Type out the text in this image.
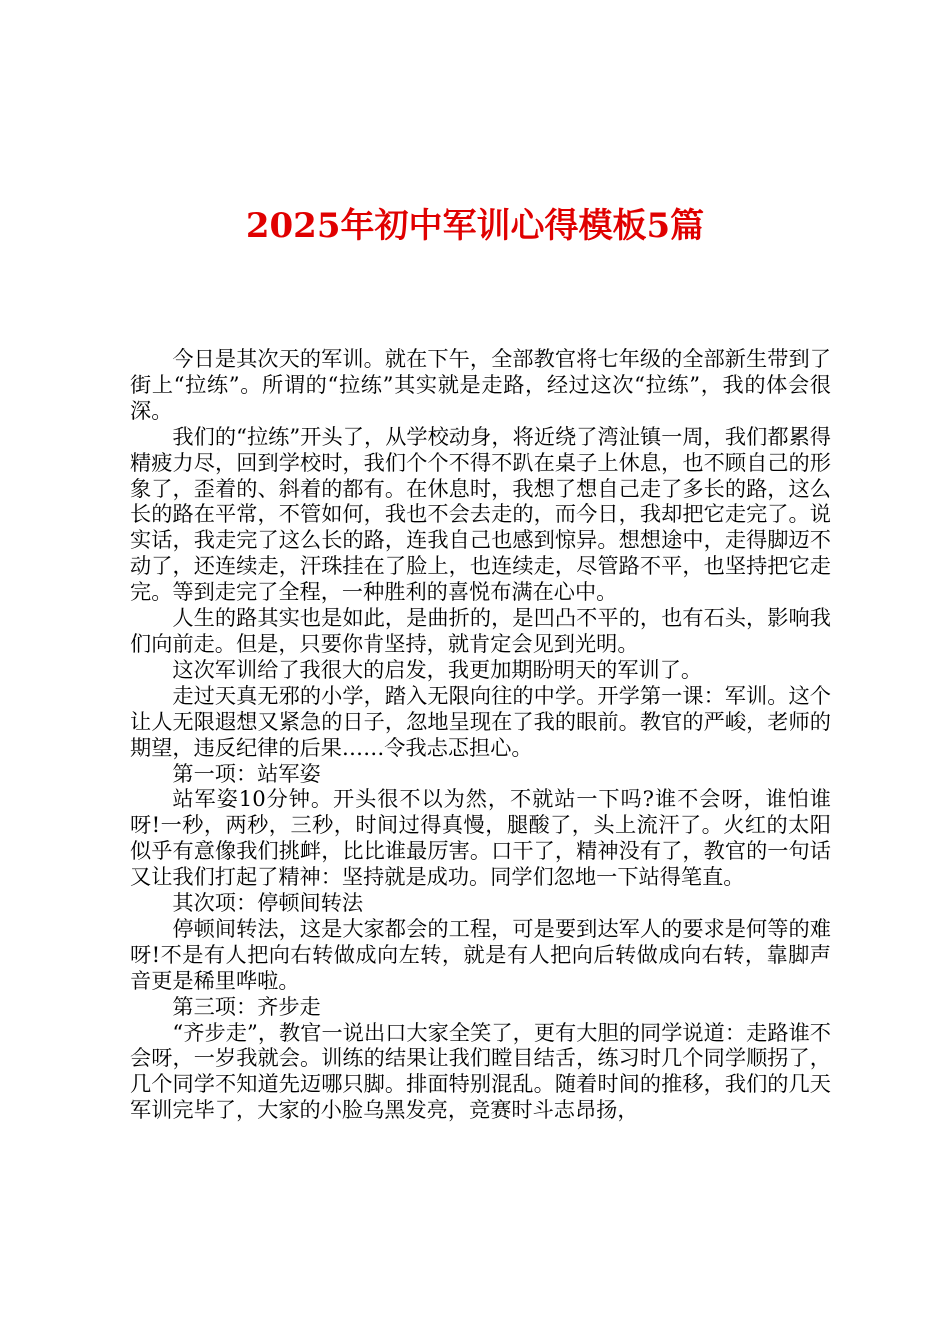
2025年初中军训心得模板5篇

今日是其次天的军训。就在下午，全部教官将七年级的全部新生带到了街上“拉练”。所谓的“拉练”其实就是走路，经过这次“拉练”，我的体会很深。

我们的“拉练”开头了，从学校动身，将近绕了湾沚镇一周，我们都累得精疲力尽，回到学校时，我们个个不得不趴在桌子上休息，也不顾自己的形象了，歪着的、斜着的都有。在休息时，我想了想自己走了多长的路，这么长的路在平常，不管如何，我也不会去走的，而今日，我却把它走完了。说实话，我走完了这么长的路，连我自己也感到惊异。想想途中，走得脚迈不动了，还连续走，汗珠挂在了脸上，也连续走，尽管路不平，也坚持把它走完。等到走完了全程，一种胜利的喜悦布满在心中。

人生的路其实也是如此，是曲折的，是凹凸不平的，也有石头，影响我们向前走。但是，只要你肯坚持，就肯定会见到光明。

这次军训给了我很大的启发，我更加期盼明天的军训了。

走过天真无邪的小学，踏入无限向往的中学。开学第一课：军训。这个让人无限遐想又紧急的日子，忽地呈现在了我的眼前。教官的严峻，老师的期望，违反纪律的后果……令我忐忑担心。

第一项：站军姿

站军姿10分钟。开头很不以为然，不就站一下吗?谁不会呀，谁怕谁呀!一秒，两秒，三秒，时间过得真慢，腿酸了，头上流汗了。火红的太阳似乎有意像我们挑衅，比比谁最厉害。口干了，精神没有了，教官的一句话又让我们打起了精神：坚持就是成功。同学们忽地一下站得笔直。

其次项：停顿间转法

停顿间转法，这是大家都会的工程，可是要到达军人的要求是何等的难呀!不是有人把向右转做成向左转，就是有人把向后转做成向右转，靠脚声音更是稀里哗啦。

第三项：齐步走

“齐步走”，教官一说出口大家全笑了，更有大胆的同学说道：走路谁不会呀，一岁我就会。训练的结果让我们瞠目结舌，练习时几个同学顺拐了，几个同学不知道先迈哪只脚。排面特别混乱。随着时间的推移，我们的几天军训完毕了，大家的小脸乌黑发亮，竞赛时斗志昂扬，
